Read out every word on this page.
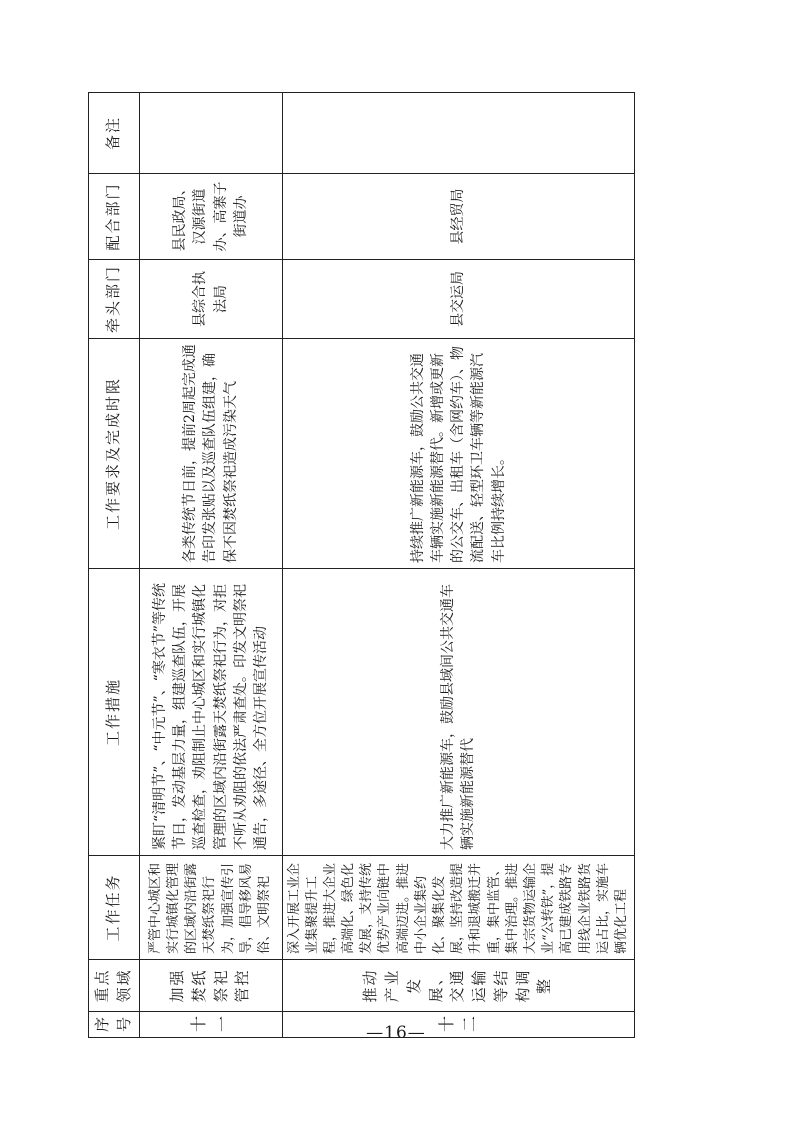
序号	重点领域	工作任务	工作措施	工作要求及完成时限	牵头部门	配合部门	备注
十一	加强焚纸祭祀管控	严管中心城区和实行城镇化管理的区域内沿街露天焚纸祭祀行为，加强宣传引导，倡导移风易俗、文明祭祀	紧盯“清明节”、“中元节”、“寒衣节”等传统节日，发动基层力量，组建巡查队伍，开展巡查检查，劝阻制止中心城区和实行城镇化管理的区域内沿街露天焚纸祭祀行为，对拒不听从劝阻的依法严肃查处。印发文明祭祀通告，多途径、全方位开展宣传活动	各类传统节日前，提前2周起完成通告印发张贴以及巡查队伍组建，确保不因焚纸祭祀造成污染天气	县综合执法局	县民政局、汉源街道办、高寨子街道办	
十二	推动产业发展、交通运输等结构调整	深入开展工业企业集聚提升工程，推进大企业高端化、绿色化发展，支持传统优势产业向链中高端迈进。推进中小企业集约化、聚集化发展，坚持改造提升和退城搬迁并重，集中监管、集中治理。推进大宗货物运输企业“公转铁”，提高已建成铁路专用线企业铁路货运占比，实施车辆优化工程	大力推广新能源车，鼓励县域间公共交通车辆实施新能源替代	持续推广新能源车，鼓励公共交通车辆实施新能源替代。新增或更新的公交车、出租车（含网约车）、物流配送、轻型环卫车辆等新能源汽车比例持续增长。	县交运局	县经贸局	
—16—
